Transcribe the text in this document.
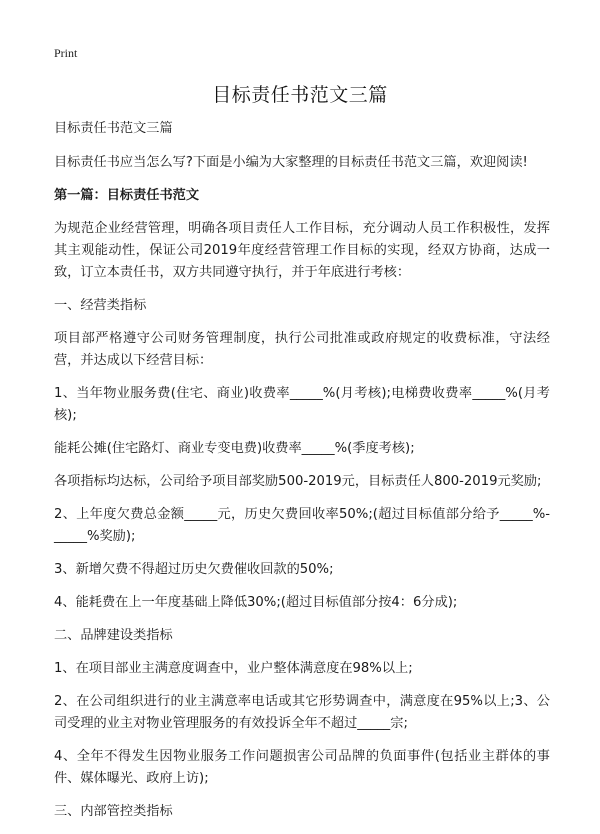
Print
目标责任书范文三篇

目标责任书范文三篇

目标责任书应当怎么写?下面是小编为大家整理的目标责任书范文三篇，欢迎阅读!

第一篇：目标责任书范文

为规范企业经营管理，明确各项目责任人工作目标，充分调动人员工作积极性，发挥其主观能动性，保证公司2019年度经营管理工作目标的实现，经双方协商，达成一致，订立本责任书，双方共同遵守执行，并于年底进行考核：

一、经营类指标

项目部严格遵守公司财务管理制度，执行公司批准或政府规定的收费标准，守法经营，并达成以下经营目标：

1、当年物业服务费(住宅、商业)收费率_____%(月考核);电梯费收费率_____%(月考核);

能耗公摊(住宅路灯、商业专变电费)收费率_____%(季度考核);

各项指标均达标，公司给予项目部奖励500-2019元，目标责任人800-2019元奖励;

2、上年度欠费总金额_____元，历史欠费回收率50%;(超过目标值部分给予_____%-_____%奖励);

3、新增欠费不得超过历史欠费催收回款的50%;

4、能耗费在上一年度基础上降低30%;(超过目标值部分按4：6分成);

二、品牌建设类指标

1、在项目部业主满意度调查中，业户整体满意度在98%以上;

2、在公司组织进行的业主满意率电话或其它形势调查中，满意度在95%以上;3、公司受理的业主对物业管理服务的有效投诉全年不超过_____宗;

4、全年不得发生因物业服务工作问题损害公司品牌的负面事件(包括业主群体的事件、媒体曝光、政府上访);

三、内部管控类指标
